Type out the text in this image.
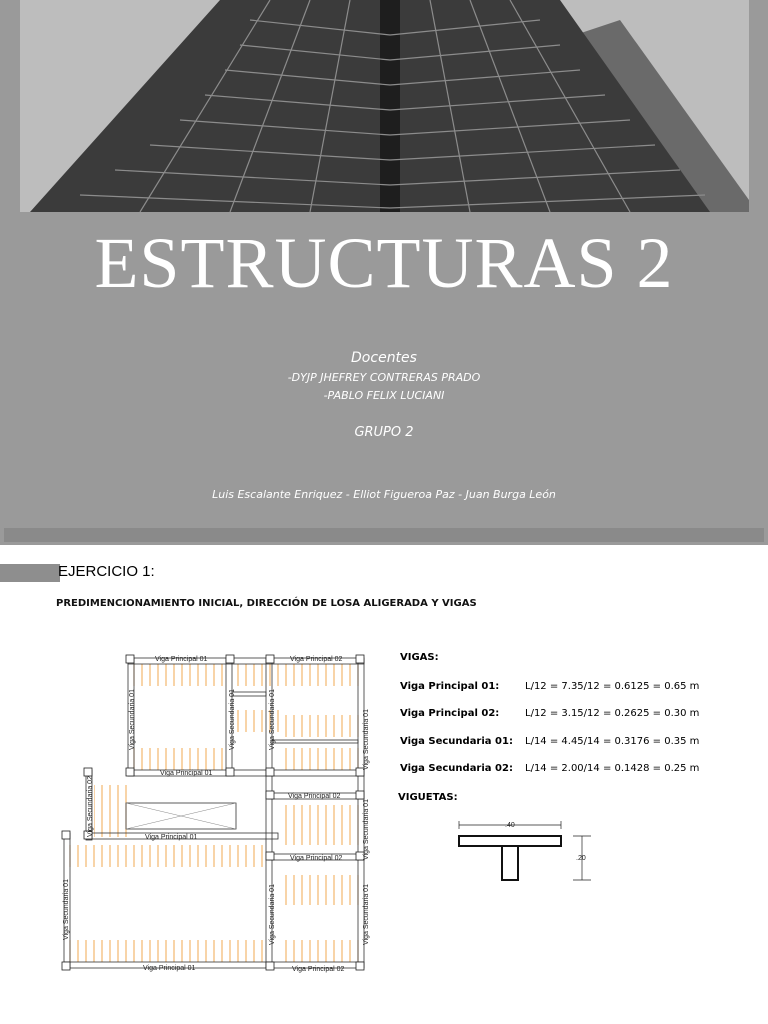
ESTRUCTURAS 2
Docentes
-DYJP JHEFREY CONTRERAS PRADO
-PABLO FELIX LUCIANI
GRUPO 2
Luis Escalante Enriquez - Elliot Figueroa Paz - Juan Burga León
EJERCICIO 1:
PREDIMENCIONAMIENTO INICIAL, DIRECCIÓN DE LOSA ALIGERADA Y VIGAS
Viga Principal 01	Viga Principal 02
Viga Principal 01
Viga Principal 02
Viga Principal 01
Viga Principal 02
Viga Principal 01	Viga Principal 02
Viga Secundaria 01	Viga Secundaria 01	Viga Secundaria 01	Viga Secundaria 01
Viga Secundaria 01
Viga Secundaria 01
Viga Secundaria 01
Viga Secundaria 01
Viga Secundaria 02
VIGAS:
Viga Principal 01:	L/12 = 7.35/12 = 0.6125 = 0.65 m
Viga Principal 02:	L/12 = 3.15/12 = 0.2625 = 0.30 m
Viga Secundaria 01: L/14 = 4.45/14 = 0.3176 = 0.35 m
Viga Secundaria 02: L/14 = 2.00/14 = 0.1428 = 0.25 m
VIGUETAS:
.40
.20
